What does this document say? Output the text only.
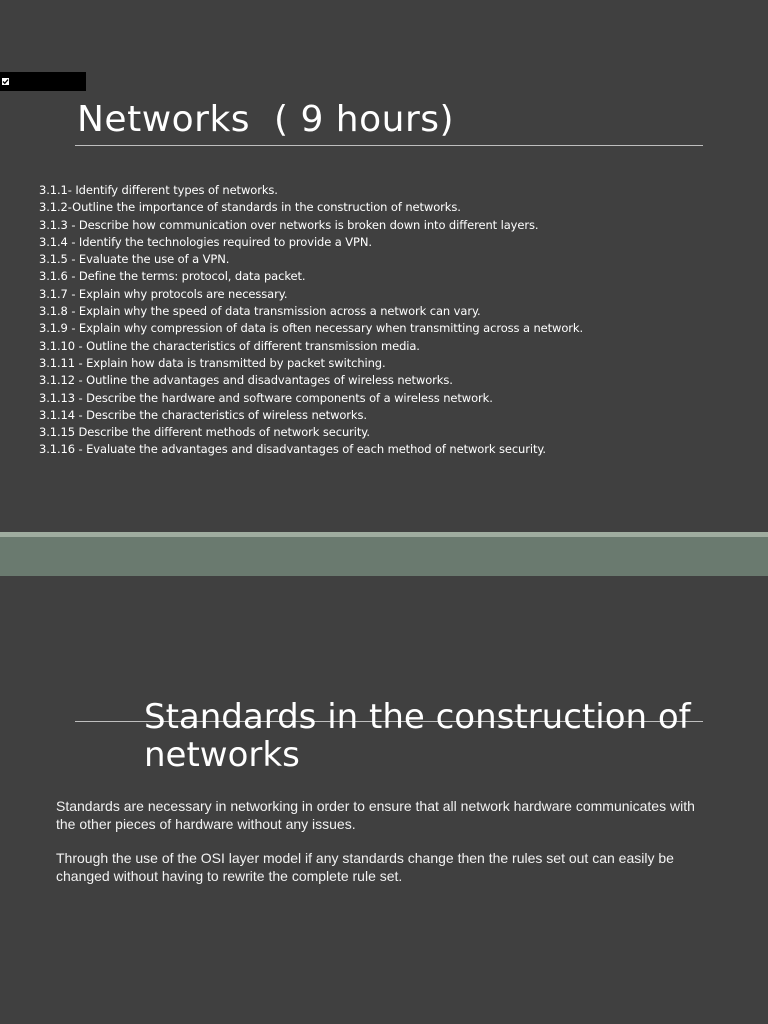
Networks  ( 9 hours)
3.1.1- Identify different types of networks.
3.1.2-Outline the importance of standards in the construction of networks.
3.1.3 - Describe how communication over networks is broken down into different layers.
3.1.4 - Identify the technologies required to provide a VPN.
3.1.5 - Evaluate the use of a VPN.
3.1.6 - Define the terms: protocol, data packet.
3.1.7 - Explain why protocols are necessary.
3.1.8 - Explain why the speed of data transmission across a network can vary.
3.1.9 - Explain why compression of data is often necessary when transmitting across a network.
3.1.10 - Outline the characteristics of different transmission media.
3.1.11 - Explain how data is transmitted by packet switching.
3.1.12 - Outline the advantages and disadvantages of wireless networks.
3.1.13 - Describe the hardware and software components of a wireless network.
3.1.14 - Describe the characteristics of wireless networks.
3.1.15 Describe the different methods of network security.
3.1.16 - Evaluate the advantages and disadvantages of each method of network security.
Standards in the construction of networks

Standards are necessary in networking in order to ensure that all network hardware communicates with the other pieces of hardware without any issues.

Through the use of the OSI layer model if any standards change then the rules set out can easily be changed without having to rewrite the complete rule set.
